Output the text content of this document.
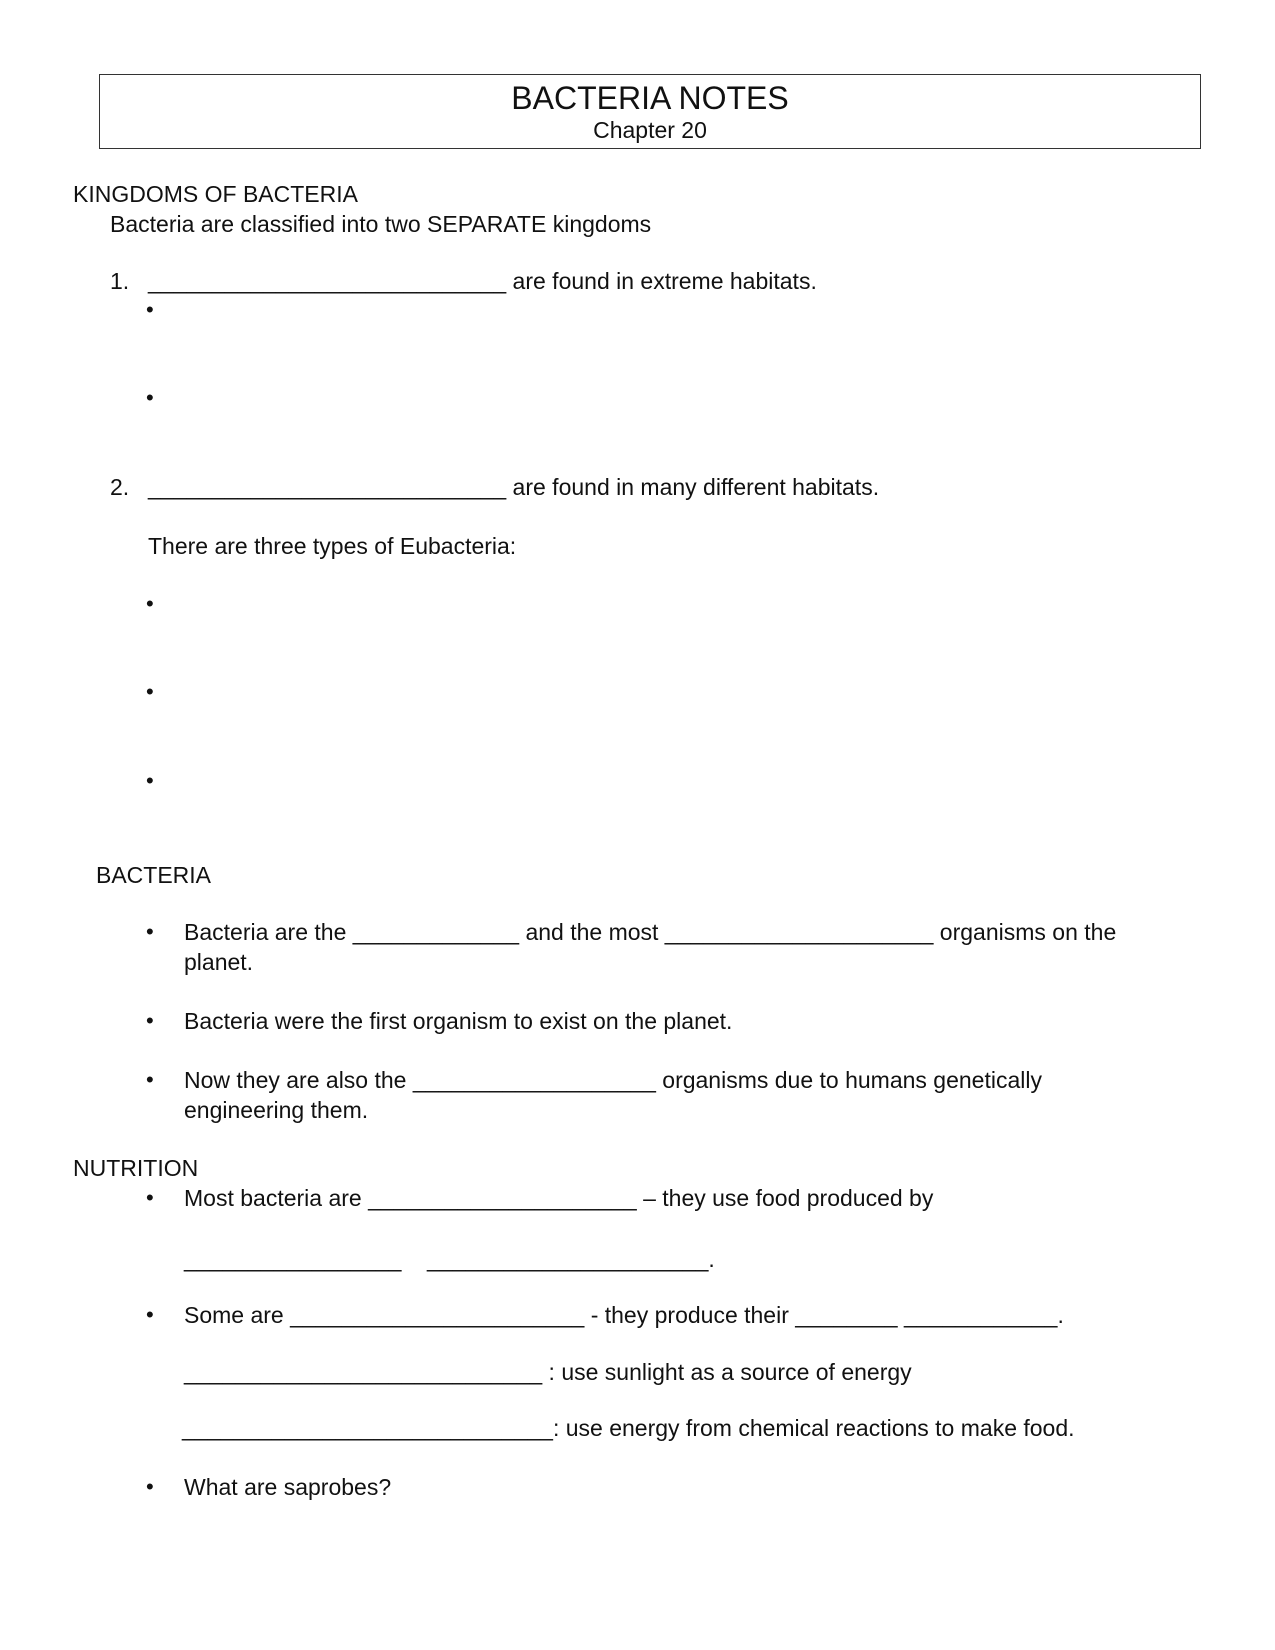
BACTERIA NOTES
Chapter 20
KINGDOMS OF BACTERIA
Bacteria are classified into two SEPARATE kingdoms
1. ____________________________ are found in extreme habitats.
•
•
2. ____________________________ are found in many different habitats.
There are three types of Eubacteria:
•
•
•
BACTERIA
• Bacteria are the _____________ and the most _____________________ organisms on the
planet.
• Bacteria were the first organism to exist on the planet.
• Now they are also the ___________________ organisms due to humans genetically
engineering them.
NUTRITION
• Most bacteria are _____________________ – they use food produced by
_________________    ______________________.
• Some are _______________________ - they produce their ________ ____________.
____________________________ : use sunlight as a source of energy
_____________________________: use energy from chemical reactions to make food.
• What are saprobes?
